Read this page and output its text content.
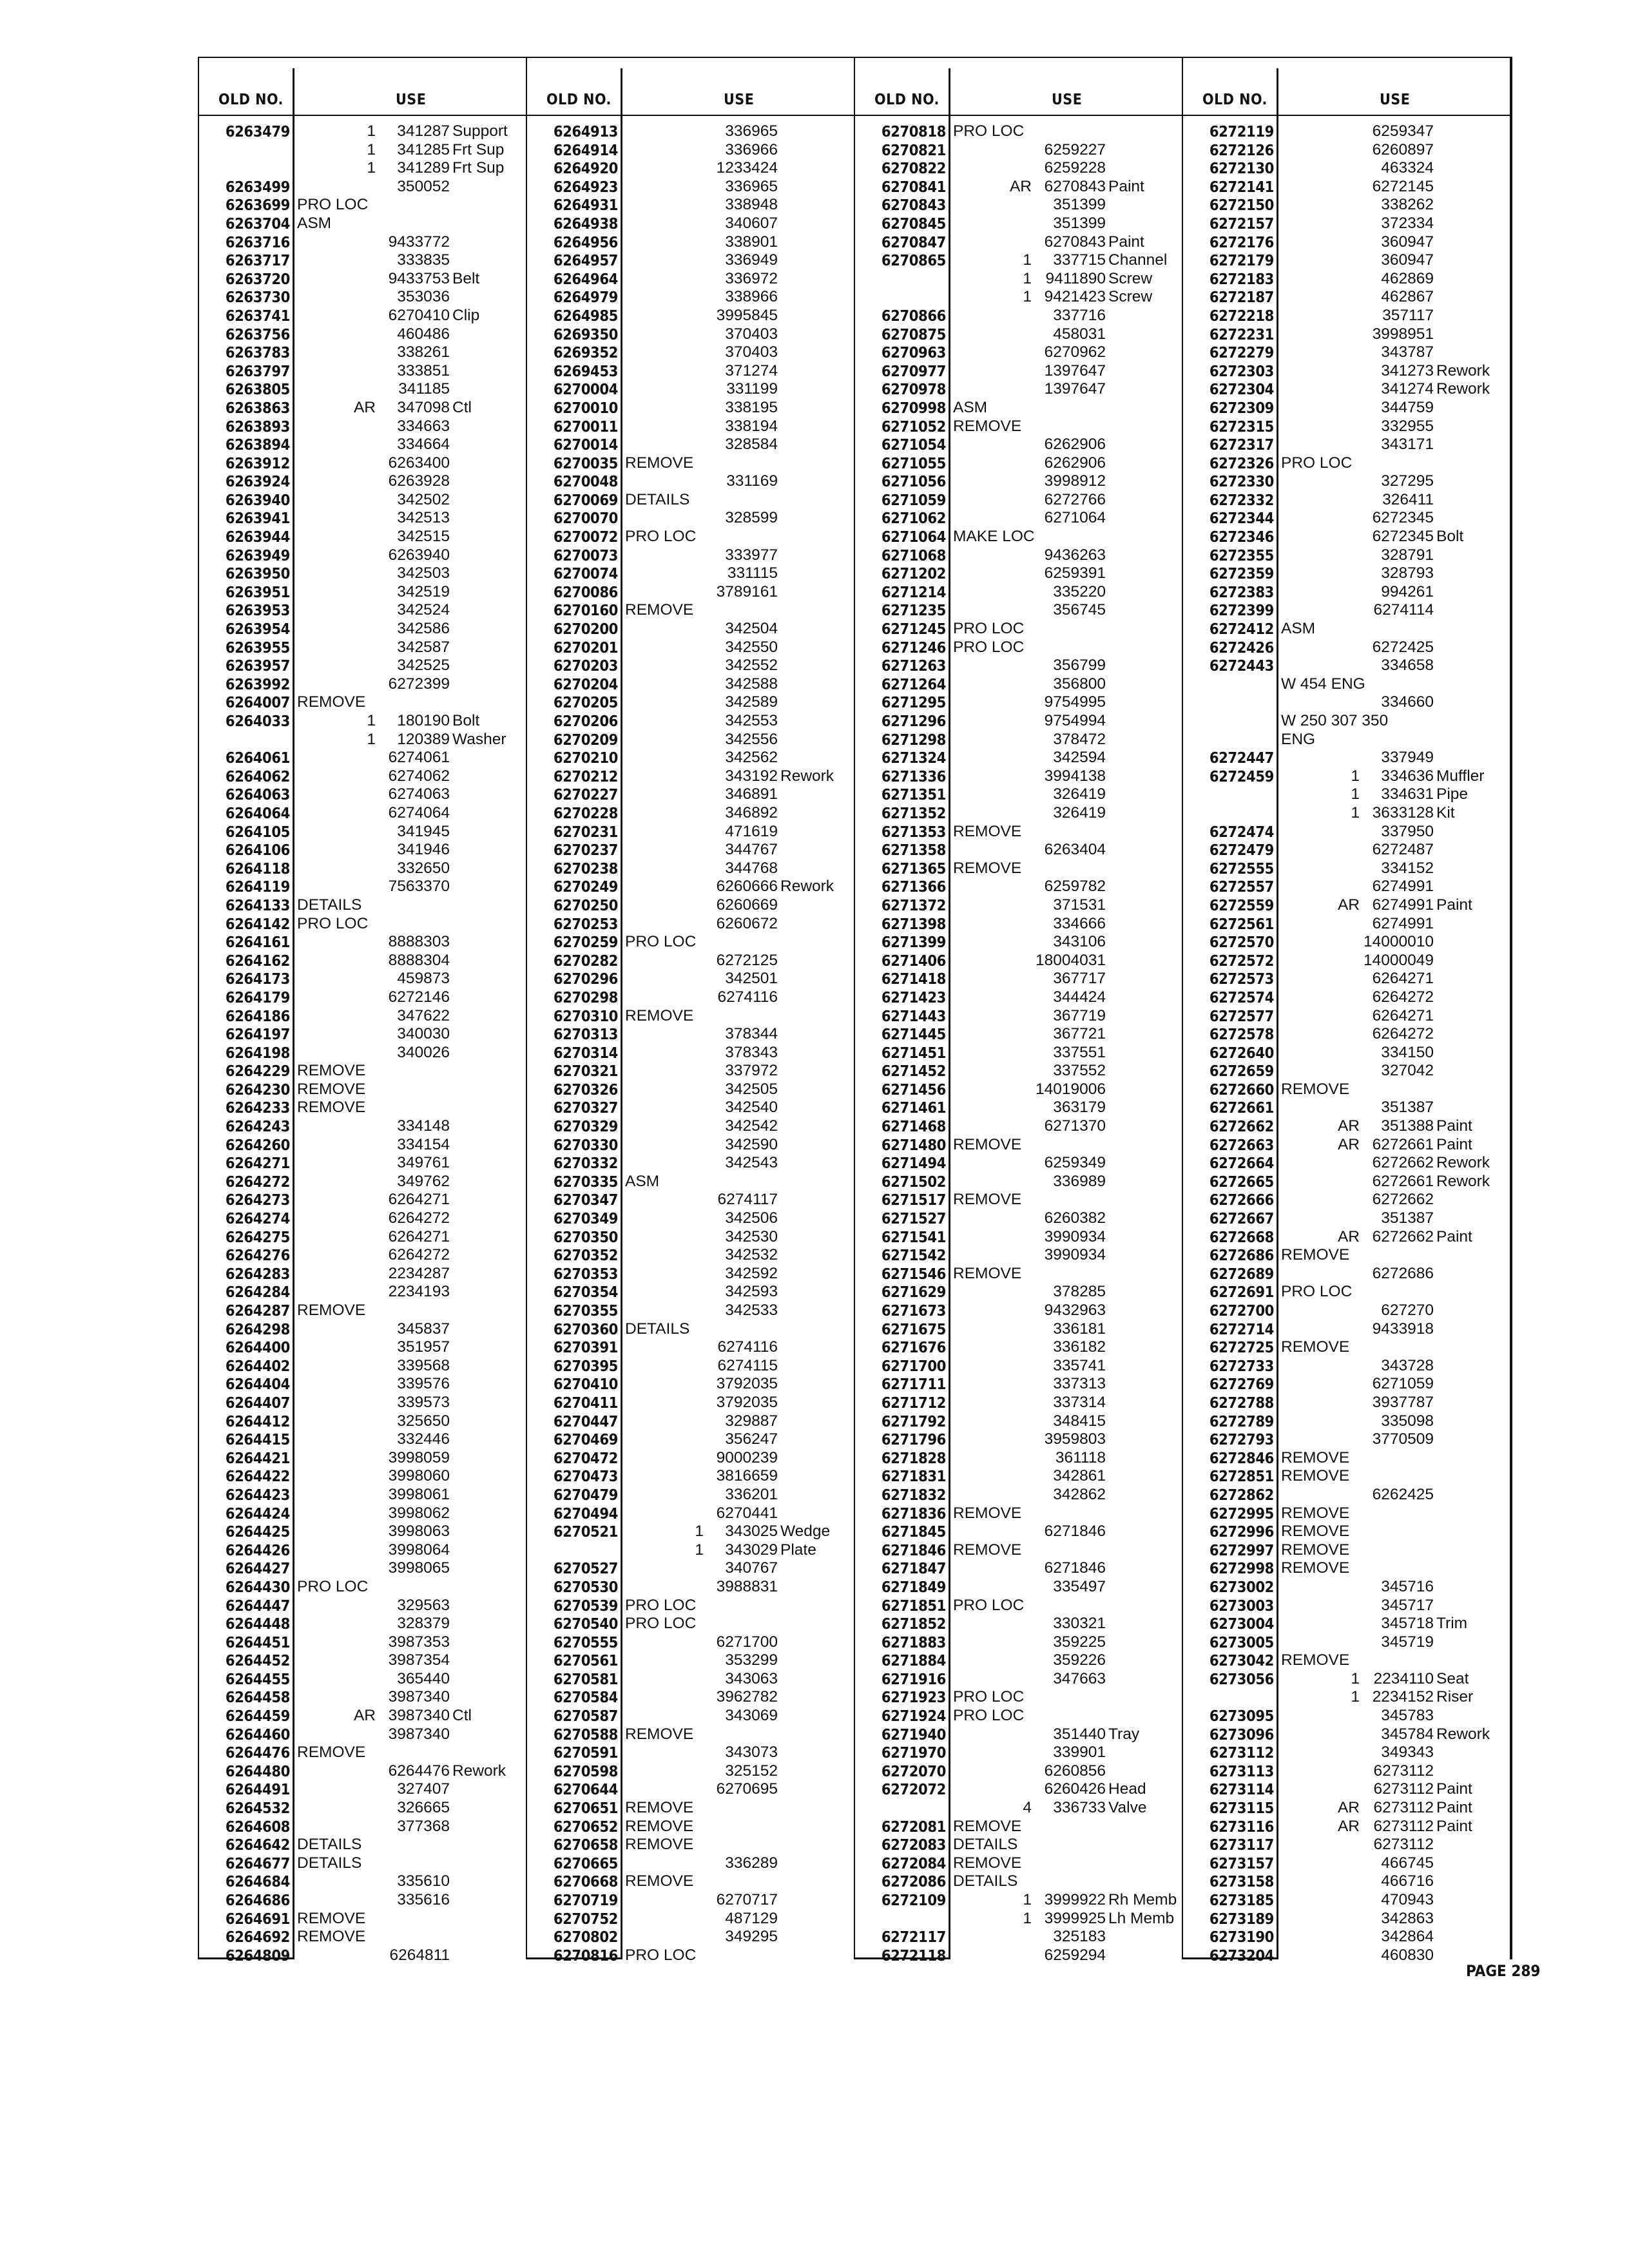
OLD NO.	USE
6263479	1	341287 Support
1	341285 Frt Sup
1	341289 Frt Sup
6263499	350052
6263699 PRO LOC
6263704 ASM
6263716	9433772
6263717	333835
6263720	9433753 Belt
6263730	353036
6263741	6270410 Clip
6263756	460486
6263783	338261
6263797	333851
6263805	341185
6263863	AR	347098 Ctl
6263893	334663
6263894	334664
6263912	6263400
6263924	6263928
6263940	342502
6263941	342513
6263944	342515
6263949	6263940
6263950	342503
6263951	342519
6263953	342524
6263954	342586
6263955	342587
6263957	342525
6263992	6272399
6264007 REMOVE
6264033	1	180190 Bolt
1	120389 Washer
6264061	6274061
6264062	6274062
6264063	6274063
6264064	6274064
6264105	341945
6264106	341946
6264118	332650
6264119	7563370
6264133 DETAILS
6264142 PRO LOC
6264161	8888303
6264162	8888304
6264173	459873
6264179	6272146
6264186	347622
6264197	340030
6264198	340026
6264229 REMOVE
6264230 REMOVE
6264233 REMOVE
6264243	334148
6264260	334154
6264271	349761
6264272	349762
6264273	6264271
6264274	6264272
6264275	6264271
6264276	6264272
6264283	2234287
6264284	2234193
6264287 REMOVE
6264298	345837
6264400	351957
6264402	339568
6264404	339576
6264407	339573
6264412	325650
6264415	332446
6264421	3998059
6264422	3998060
6264423	3998061
6264424	3998062
6264425	3998063
6264426	3998064
6264427	3998065
6264430 PRO LOC
6264447	329563
6264448	328379
6264451	3987353
6264452	3987354
6264455	365440
6264458	3987340
6264459	AR 3987340 Ctl
6264460	3987340
6264476 REMOVE
6264480	6264476 Rework
6264491	327407
6264532	326665
6264608	377368
6264642 DETAILS
6264677 DETAILS
6264684	335610
6264686	335616
6264691 REMOVE
6264692 REMOVE
6264809	6264811
OLD NO.	USE
6264913	336965
6264914	336966
6264920	1233424
6264923	336965
6264931	338948
6264938	340607
6264956	338901
6264957	336949
6264964	336972
6264979	338966
6264985	3995845
6269350	370403
6269352	370403
6269453	371274
6270004	331199
6270010	338195
6270011	338194
6270014	328584
6270035 REMOVE
6270048	331169
6270069 DETAILS
6270070	328599
6270072 PRO LOC
6270073	333977
6270074	331115
6270086	3789161
6270160 REMOVE
6270200	342504
6270201	342550
6270203	342552
6270204	342588
6270205	342589
6270206	342553
6270209	342556
6270210	342562
6270212	343192 Rework
6270227	346891
6270228	346892
6270231	471619
6270237	344767
6270238	344768
6270249	6260666 Rework
6270250	6260669
6270253	6260672
6270259 PRO LOC
6270282	6272125
6270296	342501
6270298	6274116
6270310 REMOVE
6270313	378344
6270314	378343
6270321	337972
6270326	342505
6270327	342540
6270329	342542
6270330	342590
6270332	342543
6270335 ASM
6270347	6274117
6270349	342506
6270350	342530
6270352	342532
6270353	342592
6270354	342593
6270355	342533
6270360 DETAILS
6270391	6274116
6270395	6274115
6270410	3792035
6270411	3792035
6270447	329887
6270469	356247
6270472	9000239
6270473	3816659
6270479	336201
6270494	6270441
6270521	1	343025 Wedge
1	343029 Plate
6270527	340767
6270530	3988831
6270539 PRO LOC
6270540 PRO LOC
6270555	6271700
6270561	353299
6270581	343063
6270584	3962782
6270587	343069
6270588 REMOVE
6270591	343073
6270598	325152
6270644	6270695
6270651 REMOVE
6270652 REMOVE
6270658 REMOVE
6270665	336289
6270668 REMOVE
6270719	6270717
6270752	487129
6270802	349295
6270816 PRO LOC
OLD NO.	USE
6270818 PRO LOC
6270821	6259227
6270822	6259228
6270841	AR 6270843 Paint
6270843	351399
6270845	351399
6270847	6270843 Paint
6270865	1	337715 Channel
1 9411890 Screw
1 9421423 Screw
6270866	337716
6270875	458031
6270963	6270962
6270977	1397647
6270978	1397647
6270998 ASM
6271052 REMOVE
6271054	6262906
6271055	6262906
6271056	3998912
6271059	6272766
6271062	6271064
6271064 MAKE LOC
6271068	9436263
6271202	6259391
6271214	335220
6271235	356745
6271245 PRO LOC
6271246 PRO LOC
6271263	356799
6271264	356800
6271295	9754995
6271296	9754994
6271298	378472
6271324	342594
6271336	3994138
6271351	326419
6271352	326419
6271353 REMOVE
6271358	6263404
6271365 REMOVE
6271366	6259782
6271372	371531
6271398	334666
6271399	343106
6271406	18004031
6271418	367717
6271423	344424
6271443	367719
6271445	367721
6271451	337551
6271452	337552
6271456	14019006
6271461	363179
6271468	6271370
6271480 REMOVE
6271494	6259349
6271502	336989
6271517 REMOVE
6271527	6260382
6271541	3990934
6271542	3990934
6271546 REMOVE
6271629	378285
6271673	9432963
6271675	336181
6271676	336182
6271700	335741
6271711	337313
6271712	337314
6271792	348415
6271796	3959803
6271828	361118
6271831	342861
6271832	342862
6271836 REMOVE
6271845	6271846
6271846 REMOVE
6271847	6271846
6271849	335497
6271851 PRO LOC
6271852	330321
6271883	359225
6271884	359226
6271916	347663
6271923 PRO LOC
6271924 PRO LOC
6271940	351440 Tray
6271970	339901
6272070	6260856
6272072	6260426 Head
4	336733 Valve
6272081 REMOVE
6272083 DETAILS
6272084 REMOVE
6272086 DETAILS
6272109	1 3999922 Rh Memb
1 3999925 Lh Memb
6272117	325183
6272118	6259294
OLD NO.	USE
6272119	6259347
6272126	6260897
6272130	463324
6272141	6272145
6272150	338262
6272157	372334
6272176	360947
6272179	360947
6272183	462869
6272187	462867
6272218	357117
6272231	3998951
6272279	343787
6272303	341273 Rework
6272304	341274 Rework
6272309	344759
6272315	332955
6272317	343171
6272326 PRO LOC
6272330	327295
6272332	326411
6272344	6272345
6272346	6272345 Bolt
6272355	328791
6272359	328793
6272383	994261
6272399	6274114
6272412 ASM
6272426	6272425
6272443	334658
W 454 ENG
334660
W 250 307 350
ENG
6272447	337949
6272459	1	334636 Muffler
1	334631 Pipe
1 3633128 Kit
6272474	337950
6272479	6272487
6272555	334152
6272557	6274991
6272559	AR 6274991 Paint
6272561	6274991
6272570	14000010
6272572	14000049
6272573	6264271
6272574	6264272
6272577	6264271
6272578	6264272
6272640	334150
6272659	327042
6272660 REMOVE
6272661	351387
6272662	AR	351388 Paint
6272663	AR 6272661 Paint
6272664	6272662 Rework
6272665	6272661 Rework
6272666	6272662
6272667	351387
6272668	AR 6272662 Paint
6272686 REMOVE
6272689	6272686
6272691 PRO LOC
6272700	627270
6272714	9433918
6272725 REMOVE
6272733	343728
6272769	6271059
6272788	3937787
6272789	335098
6272793	3770509
6272846 REMOVE
6272851 REMOVE
6272862	6262425
6272995 REMOVE
6272996 REMOVE
6272997 REMOVE
6272998 REMOVE
6273002	345716
6273003	345717
6273004	345718 Trim
6273005	345719
6273042 REMOVE
6273056	1 2234110 Seat
1 2234152 Riser
6273095	345783
6273096	345784 Rework
6273112	349343
6273113	6273112
6273114	6273112 Paint
6273115	AR 6273112 Paint
6273116	AR 6273112 Paint
6273117	6273112
6273157	466745
6273158	466716
6273185	470943
6273189	342863
6273190	342864
6273204	460830
PAGE 289
